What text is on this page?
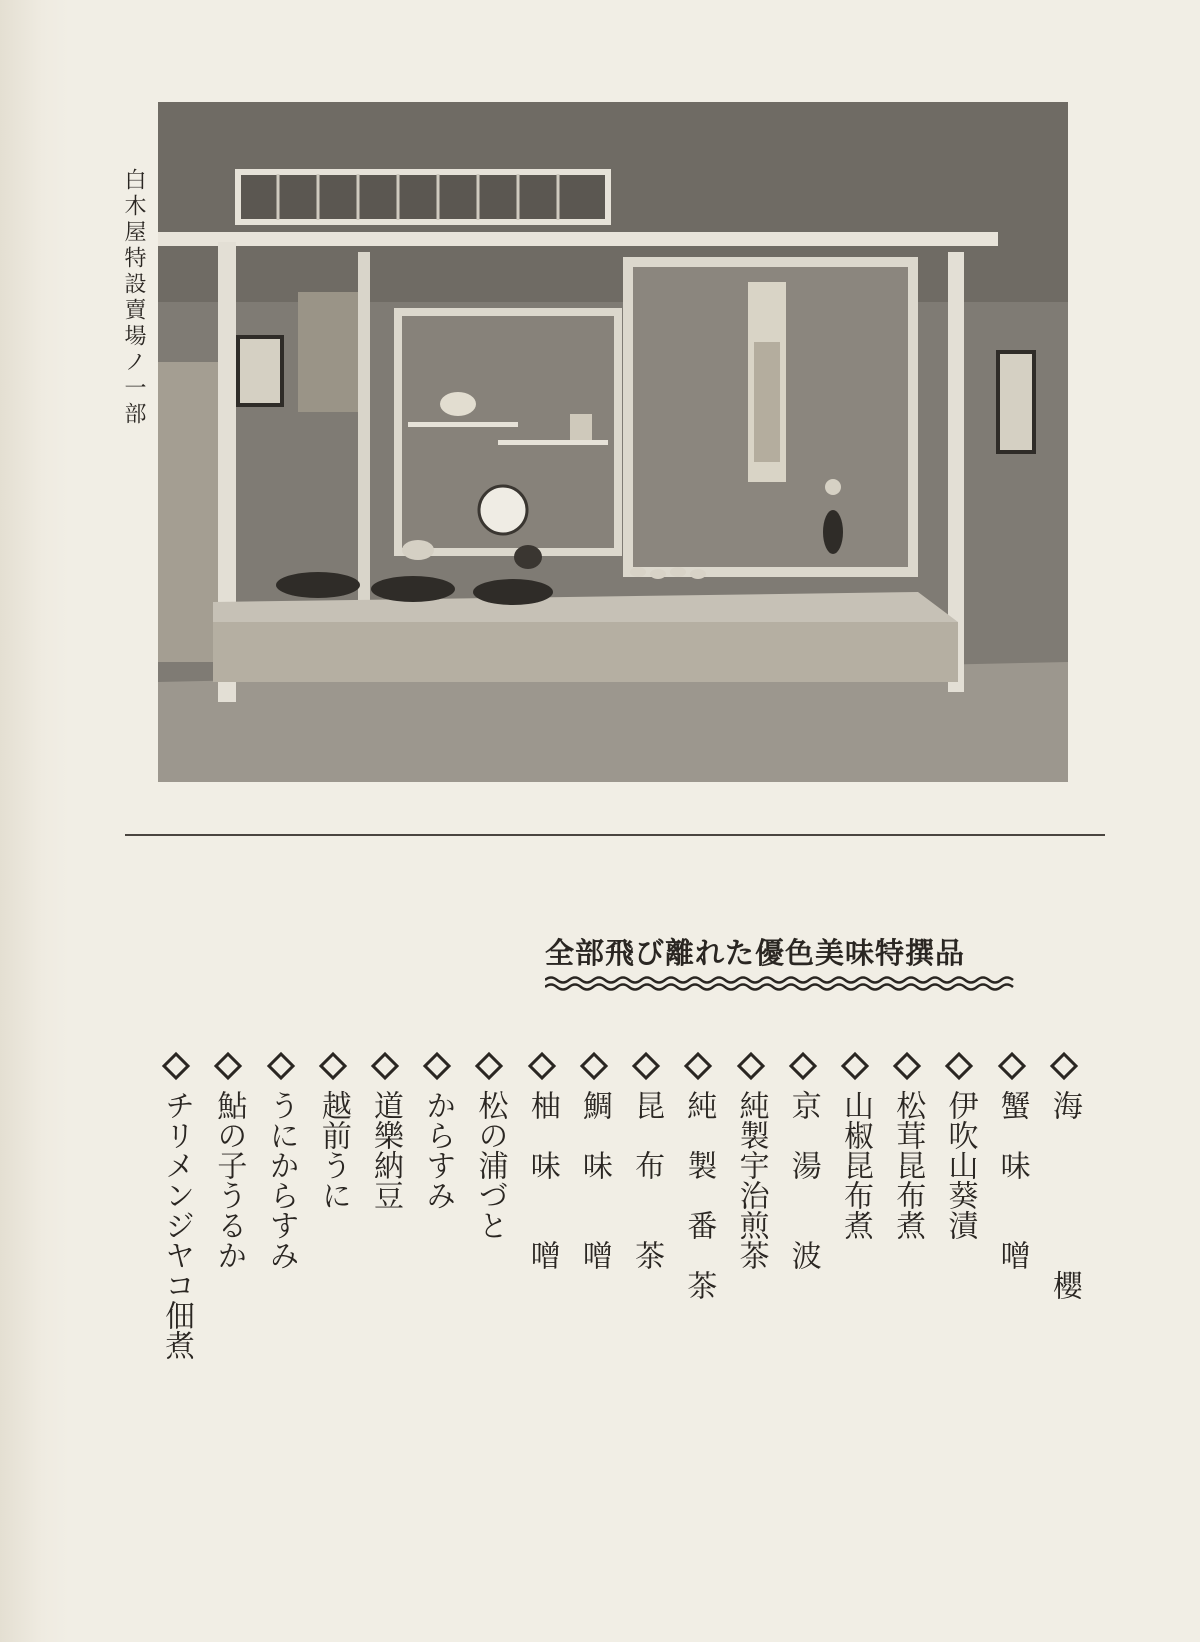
白木屋特設賣場ノ一部
全部飛び離れた優色美味特撰品
海　　　　　櫻
蟹　味　　噌
伊吹山葵漬
松茸昆布煮
山椒昆布煮
京　湯　　波
純製宇治煎茶
純　製　番　茶
昆　布　　茶
鯛　味　　噌
柚　味　　噌
松の浦づと
からすみ
道樂納豆
越前うに
うにからすみ
鮎の子うるか
チリメンジヤコ佃煮
